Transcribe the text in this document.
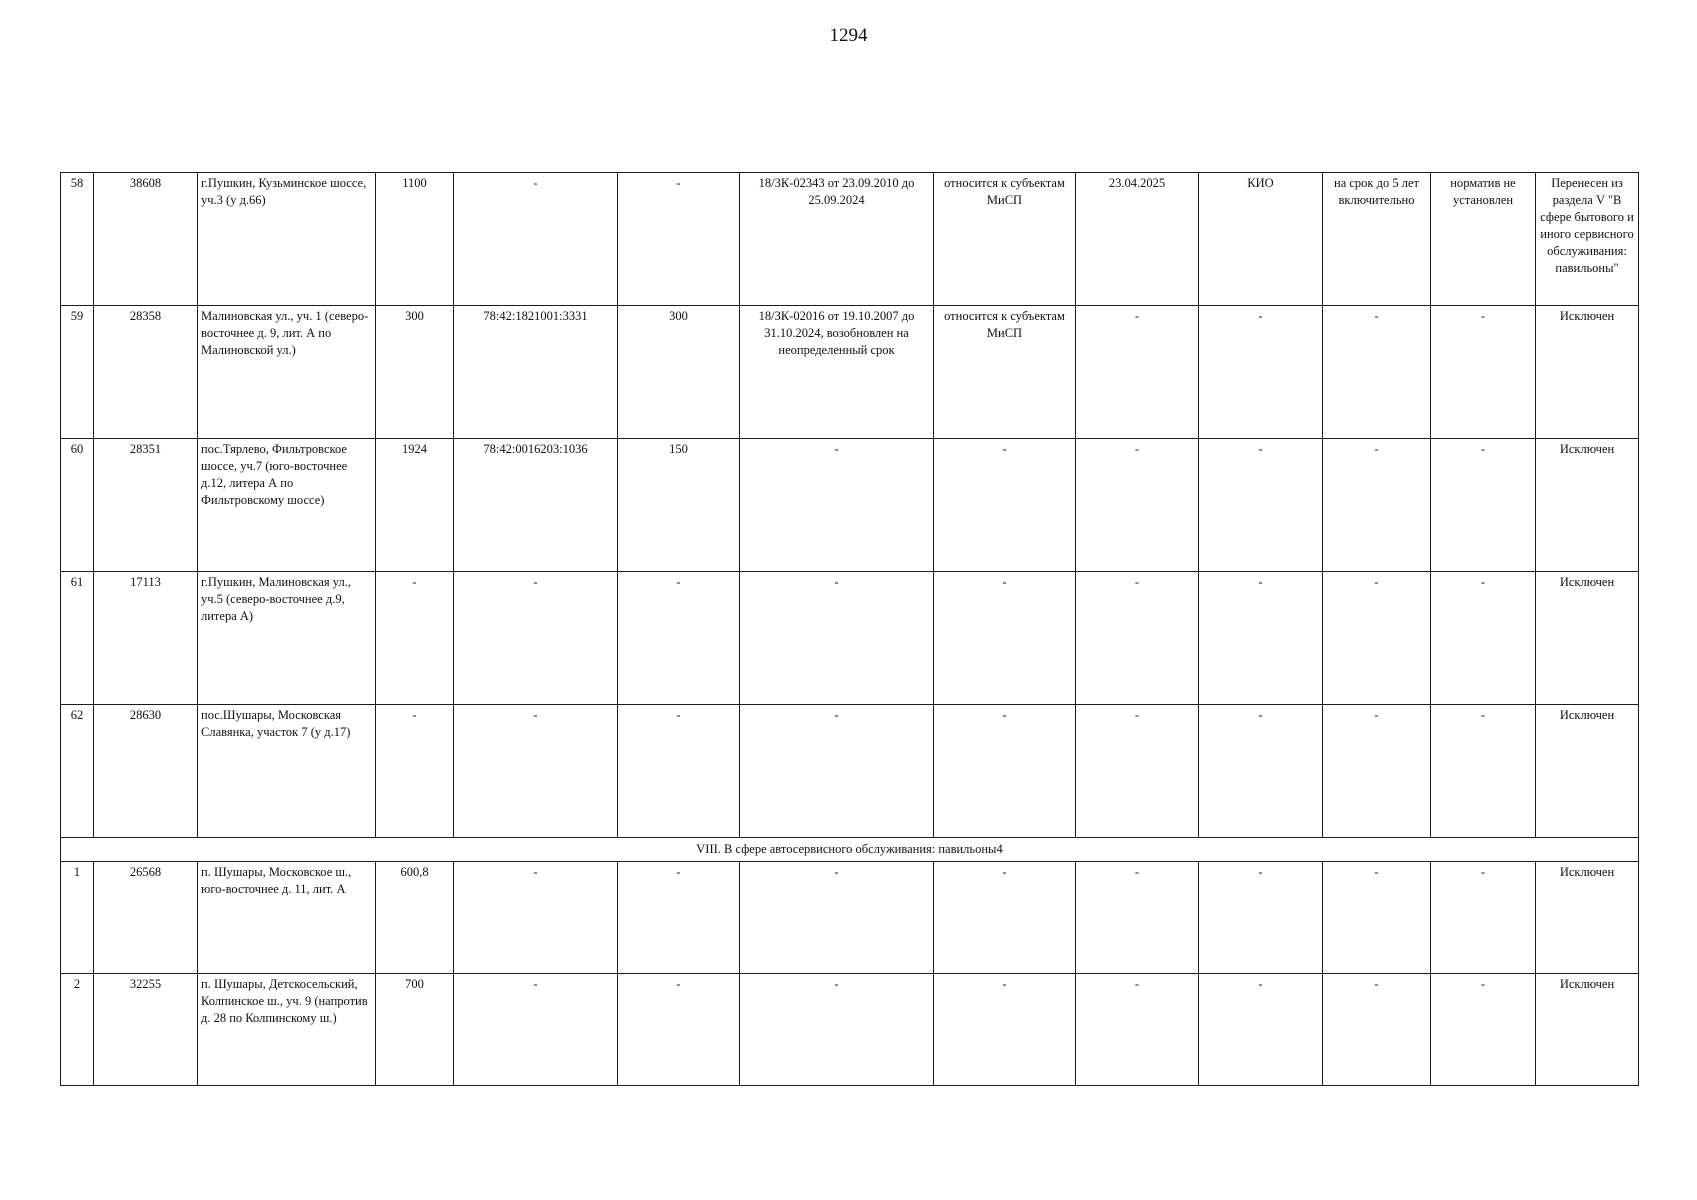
1294
58	38608	г.Пушкин, Кузьминское шоссе, уч.3 (у д.66)	1100	-	-	18/ЗК-02343 от 23.09.2010 до 25.09.2024	относится к субъектам МиСП	23.04.2025	КИО	на срок до 5 лет включительно	норматив не установлен	Перенесен из раздела V "В сфере бытового и иного сервисного обслуживания: павильоны"

59	28358	Малиновская ул., уч. 1 (северо-восточнее д. 9, лит. А по Малиновской ул.)	300	78:42:1821001:3331	300	18/ЗК-02016 от 19.10.2007 до 31.10.2024, возобновлен на неопределенный срок	относится к субъектам МиСП	-	-	-	-	Исключен
60	28351	пос.Тярлево, Фильтровское шоссе, уч.7 (юго-восточнее д.12, литера А по Фильтровскому шоссе)	1924	78:42:0016203:1036	150	-	-	-	-	-	-	Исключен
61	17113	г.Пушкин, Малиновская ул., уч.5 (северо-восточнее д.9, литера А)	-	-	-	-	-	-	-	-	-	Исключен
62	28630	пос.Шушары, Московская Славянка, участок 7 (у д.17)	-	-	-	-	-	-	-	-	-	Исключен
VIII. В сфере автосервисного обслуживания: павильоны4												
1	26568	п. Шушары, Московское ш., юго-восточнее д. 11, лит. А	600,8	-	-	-	-	-	-	-	-	Исключен
2	32255	п. Шушары, Детскосельский, Колпинское ш., уч. 9 (напротив д. 28 по Колпинскому ш.)	700	-	-	-	-	-	-	-	-	Исключен
